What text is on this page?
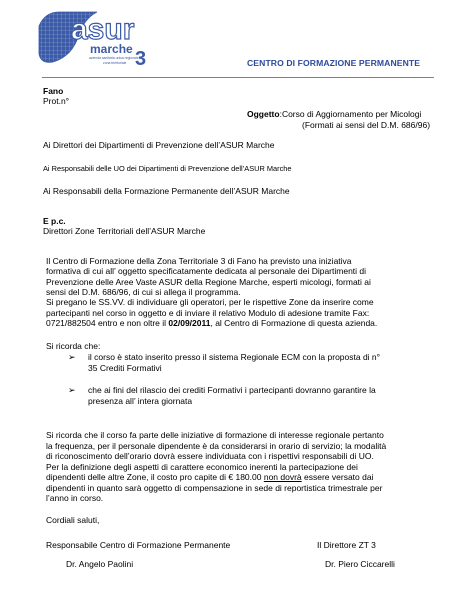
asur
marche 3
azienda sanitaria unica regionale
zona territoriale	CENTRO DI FORMAZIONE PERMANENTE
Fano
Prot.n°
Oggetto:Corso di Aggiornamento per Micologi
(Formati ai sensi del D.M. 686/96)
Ai Direttori dei Dipartimenti di Prevenzione dell’ASUR Marche
Ai Responsabili delle UO dei Dipartimenti di Prevenzione dell’ASUR Marche
Ai Responsabili della Formazione Permanente dell’ASUR Marche
E p.c.
Direttori Zone Territoriali dell’ASUR Marche
Il Centro di Formazione della Zona Territoriale 3 di Fano ha previsto una iniziativa
formativa di cui all’ oggetto specificatamente dedicata al personale dei Dipartimenti di
Prevenzione delle Aree Vaste ASUR della Regione Marche, esperti micologi, formati ai
sensi del D.M. 686/96, di cui si allega il programma.
Si pregano le SS.VV. di individuare gli operatori, per le rispettive Zone da inserire come
partecipanti nel corso in oggetto e di inviare il relativo Modulo di adesione tramite Fax:
0721/882504 entro e non oltre il 02/09/2011, al Centro di Formazione di questa azienda.
Si ricorda che:
➢ il corso è stato inserito presso il sistema Regionale ECM con la proposta di n°
35 Crediti Formativi
➢ che ai fini del rilascio dei crediti Formativi i partecipanti dovranno garantire la
presenza all’ intera giornata
Si ricorda che il corso fa parte delle iniziative di formazione di interesse regionale pertanto
la frequenza, per il personale dipendente è da considerarsi in orario di servizio; la modalità
di riconoscimento dell’orario dovrà essere individuata con i rispettivi responsabili di UO.
Per la definizione degli aspetti di carattere economico inerenti la partecipazione dei
dipendenti delle altre Zone, il costo pro capite di € 180.00 non dovrà essere versato dai
dipendenti in quanto sarà oggetto di compensazione in sede di reportistica trimestrale per
l’anno in corso.
Cordiali saluti,
Responsabile Centro di Formazione Permanente
Dr. Angelo Paolini
Il Direttore ZT 3
Dr. Piero Ciccarelli
